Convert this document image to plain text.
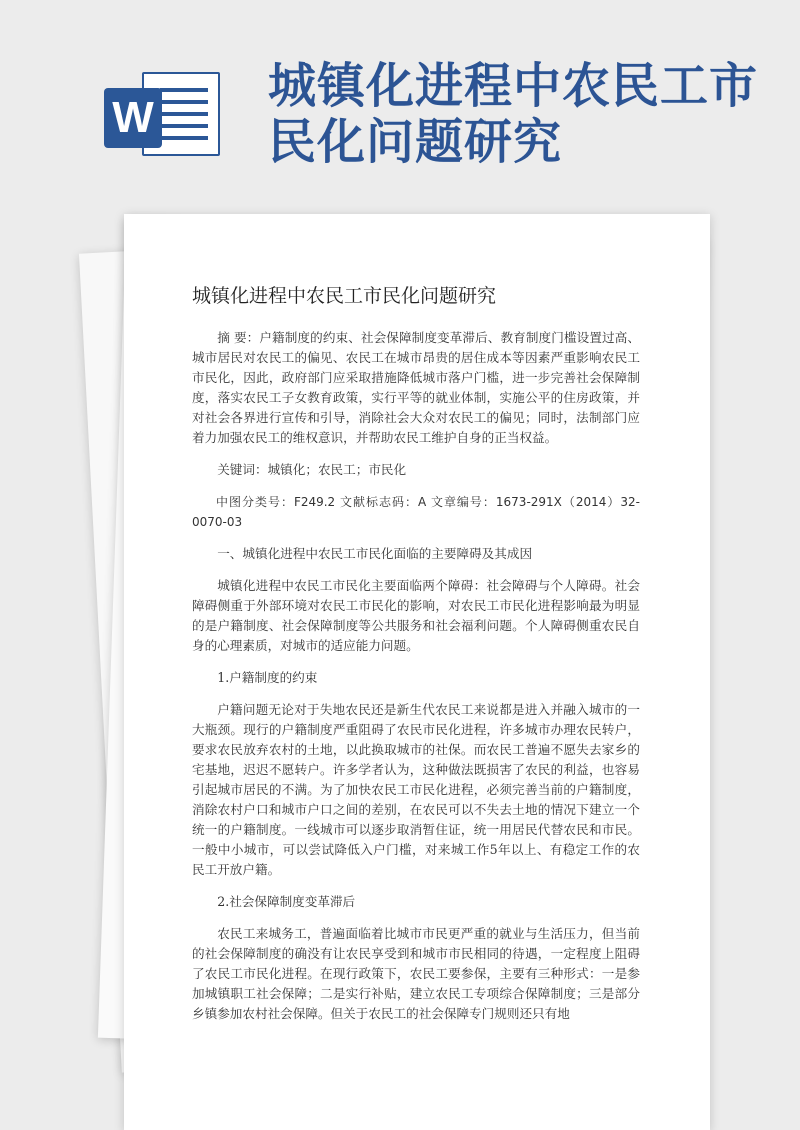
W
城镇化进程中农民工市民化问题研究
城镇化进程中农民工市民化问题研究

摘 要：户籍制度的约束、社会保障制度变革滞后、教育制度门槛设置过高、城市居民对农民工的偏见、农民工在城市昂贵的居住成本等因素严重影响农民工市民化，因此，政府部门应采取措施降低城市落户门槛，进一步完善社会保障制度，落实农民工子女教育政策，实行平等的就业体制，实施公平的住房政策，并对社会各界进行宣传和引导，消除社会大众对农民工的偏见；同时，法制部门应着力加强农民工的维权意识，并帮助农民工维护自身的正当权益。

关键词：城镇化；农民工；市民化

中图分类号：F249.2 文献标志码：A 文章编号：1673-291X（2014）32-0070-03

一、城镇化进程中农民工市民化面临的主要障碍及其成因

城镇化进程中农民工市民化主要面临两个障碍：社会障碍与个人障碍。社会障碍侧重于外部环境对农民工市民化的影响，对农民工市民化进程影响最为明显的是户籍制度、社会保障制度等公共服务和社会福利问题。个人障碍侧重农民自身的心理素质，对城市的适应能力问题。

1.户籍制度的约束

户籍问题无论对于失地农民还是新生代农民工来说都是进入并融入城市的一大瓶颈。现行的户籍制度严重阻碍了农民市民化进程，许多城市办理农民转户，要求农民放弃农村的土地，以此换取城市的社保。而农民工普遍不愿失去家乡的宅基地，迟迟不愿转户。许多学者认为，这种做法既损害了农民的利益，也容易引起城市居民的不满。为了加快农民工市民化进程，必须完善当前的户籍制度，消除农村户口和城市户口之间的差别，在农民可以不失去土地的情况下建立一个统一的户籍制度。一线城市可以逐步取消暂住证，统一用居民代替农民和市民。一般中小城市，可以尝试降低入户门槛，对来城工作5年以上、有稳定工作的农民工开放户籍。

2.社会保障制度变革滞后

农民工来城务工，普遍面临着比城市市民更严重的就业与生活压力，但当前的社会保障制度的确没有让农民享受到和城市市民相同的待遇，一定程度上阻碍了农民工市民化进程。在现行政策下，农民工要参保，主要有三种形式：一是参加城镇职工社会保障；二是实行补贴，建立农民工专项综合保障制度；三是部分乡镇参加农村社会保障。但关于农民工的社会保障专门规则还只有地
